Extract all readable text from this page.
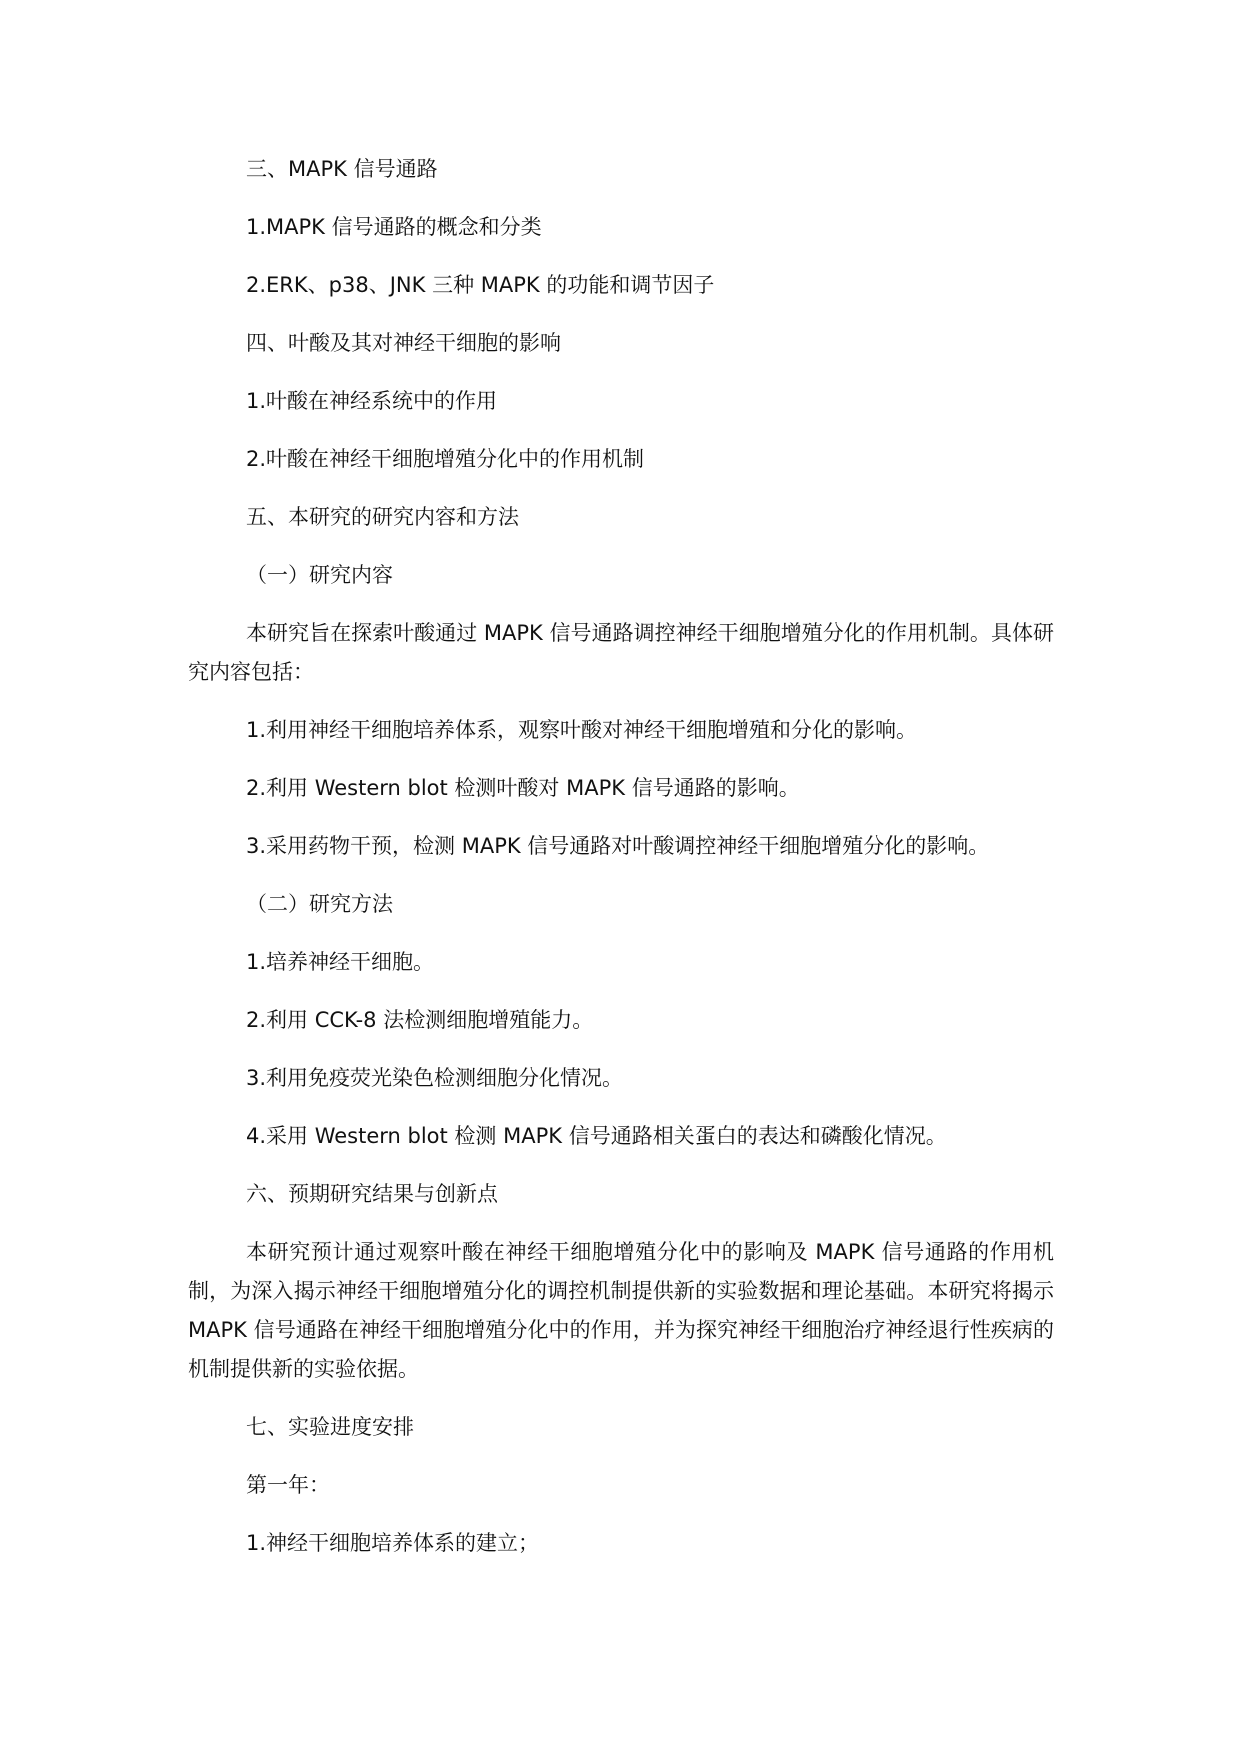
三、MAPK 信号通路
1.MAPK 信号通路的概念和分类
2.ERK、p38、JNK 三种 MAPK 的功能和调节因子
四、叶酸及其对神经干细胞的影响
1.叶酸在神经系统中的作用
2.叶酸在神经干细胞增殖分化中的作用机制
五、本研究的研究内容和方法
（一）研究内容
本研究旨在探索叶酸通过 MAPK 信号通路调控神经干细胞增殖分化的作用机制。具体研究内容包括：
1.利用神经干细胞培养体系，观察叶酸对神经干细胞增殖和分化的影响。
2.利用 Western blot 检测叶酸对 MAPK 信号通路的影响。
3.采用药物干预，检测 MAPK 信号通路对叶酸调控神经干细胞增殖分化的影响。
（二）研究方法
1.培养神经干细胞。
2.利用 CCK-8 法检测细胞增殖能力。
3.利用免疫荧光染色检测细胞分化情况。
4.采用 Western blot 检测 MAPK 信号通路相关蛋白的表达和磷酸化情况。
六、预期研究结果与创新点
本研究预计通过观察叶酸在神经干细胞增殖分化中的影响及 MAPK 信号通路的作用机制，为深入揭示神经干细胞增殖分化的调控机制提供新的实验数据和理论基础。本研究将揭示 MAPK 信号通路在神经干细胞增殖分化中的作用，并为探究神经干细胞治疗神经退行性疾病的机制提供新的实验依据。
七、实验进度安排
第一年：
1.神经干细胞培养体系的建立；
